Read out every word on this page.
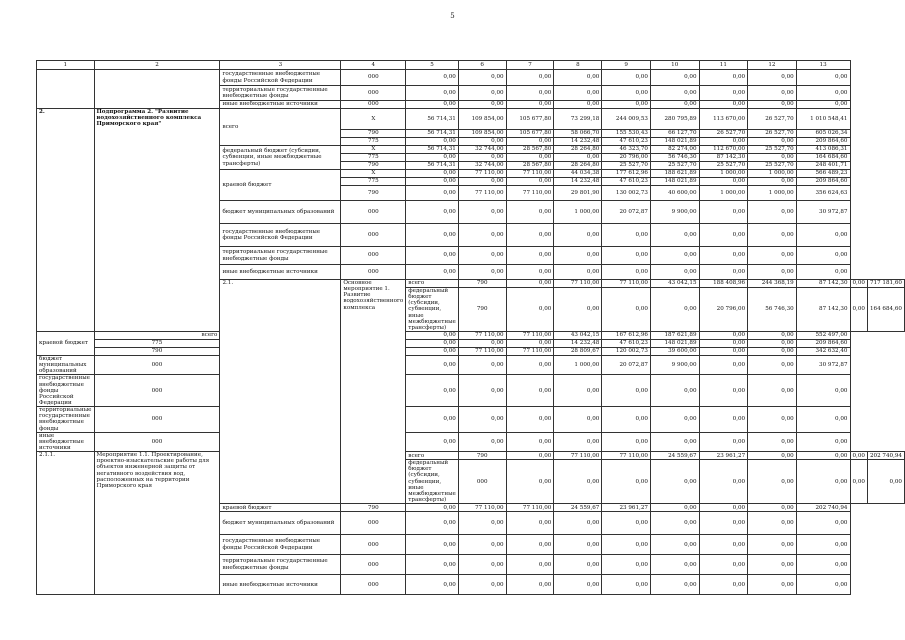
5
1	2	3	4	5	6	7	8	9	10	11	12	13		
		государственные внебюджетные фонды Российской Федерации	000	0,00	0,00	0,00	0,00	0,00	0,00	0,00	0,00	0,00		
		территориальные государственные внебюджетные фонды	000	0,00	0,00	0,00	0,00	0,00	0,00	0,00	0,00	0,00		
		иные внебюджетные источники	000	0,00	0,00	0,00	0,00	0,00	0,00	0,00	0,00	0,00		
2.	Подпрограмма 2. "Развитие водохозяйственного комплекса Приморского края"	всего	X	56 714,31	109 854,00	105 677,80	73 299,18	244 009,53	280 795,89	113 670,00	26 527,70	1 010 548,41		
			790	56 714,31	109 854,00	105 677,80	58 066,70	155 530,43	66 127,70	26 527,70	26 527,70	605 026,34		
			775	0,00	0,00	0,00	14 232,48	47 610,23	148 021,89	0,00	0,00	209 864,60		
		федеральный бюджет (субсидии, субвенции, иные межбюджетные трансферты)	X	56 714,31	32 744,00	28 567,80	28 264,80	46 323,70	82 274,00	112 670,00	25 527,70	413 086,31		
			775	0,00	0,00	0,00	0,00	20 796,00	56 746,30	87 142,30	0,00	164 684,60		
			790	56 714,31	32 744,00	28 567,80	28 264,80	25 527,70	25 527,70	25 527,70	25 527,70	248 401,71		
		краевой бюджет	X	0,00	77 110,00	77 110,00	44 034,38	177 612,96	188 621,89	1 000,00	1 000,00	566 489,23		
			775	0,00	0,00	0,00	14 232,48	47 610,23	148 021,89	0,00	0,00	209 864,60		
			790	0,00	77 110,00	77 110,00	29 801,90	130 002,73	40 600,00	1 000,00	1 000,00	356 624,63		
		бюджет муниципальных образований	000	0,00	0,00	0,00	1 000,00	20 072,87	9 900,00	0,00	0,00	30 972,87		
		государственные внебюджетные фонды Российской Федерации	000	0,00	0,00	0,00	0,00	0,00	0,00	0,00	0,00	0,00		
		территориальные государственные внебюджетные фонды	000	0,00	0,00	0,00	0,00	0,00	0,00	0,00	0,00	0,00		
		иные внебюджетные источники	000	0,00	0,00	0,00	0,00	0,00	0,00	0,00	0,00	0,00		
		2.1.	Основное мероприятие 1. Развитие водохозяйственного комплекса	всего	790	0,00	77 110,00	77 110,00	43 042,15	188 408,96	244 368,19	87 142,30	0,00	717 181,60
				федеральный бюджет (субсидии, субвенции, иные межбюджетные трансферты)	790	0,00	0,00	0,00	0,00	20 796,00	56 746,30	87 142,30	0,00	164 684,60
краевой бюджет	всего			0,00	77 110,00	77 110,00	43 042,15	167 612,96	187 621,89	0,00	0,00	552 497,00		
	775			0,00	0,00	0,00	14 232,48	47 610,23	148 021,89	0,00	0,00	209 864,60		
	790			0,00	77 110,00	77 110,00	28 809,67	120 002,73	39 600,00	0,00	0,00	342 632,40		
бюджет муниципальных образований	000			0,00	0,00	0,00	1 000,00	20 072,87	9 900,00	0,00	0,00	30 972,87		
государственные внебюджетные фонды Российской Федерации	000			0,00	0,00	0,00	0,00	0,00	0,00	0,00	0,00	0,00		
территориальные государственные внебюджетные фонды	000			0,00	0,00	0,00	0,00	0,00	0,00	0,00	0,00	0,00		
иные внебюджетные источники	000			0,00	0,00	0,00	0,00	0,00	0,00	0,00	0,00	0,00		
2.1.1.	Мероприятие 1.1. Проектирование, проектно-изыскательские работы для объектов инженерной защиты от негативного воздействия вод, расположенных на территории Приморского края			всего	790	0,00	77 110,00	77 110,00	24 559,67	23 961,27	0,00	0,00	0,00	202 740,94
				федеральный бюджет (субсидии, субвенции, иные межбюджетные трансферты)	000	0,00	0,00	0,00	0,00	0,00	0,00	0,00	0,00	0,00
		краевой бюджет	790	0,00	77 110,00	77 110,00	24 559,67	23 961,27	0,00	0,00	0,00	202 740,94		
		бюджет муниципальных образований	000	0,00	0,00	0,00	0,00	0,00	0,00	0,00	0,00	0,00		
		государственные внебюджетные фонды Российской Федерации	000	0,00	0,00	0,00	0,00	0,00	0,00	0,00	0,00	0,00		
		территориальные государственные внебюджетные фонды	000	0,00	0,00	0,00	0,00	0,00	0,00	0,00	0,00	0,00		
		иные внебюджетные источники	000	0,00	0,00	0,00	0,00	0,00	0,00	0,00	0,00	0,00		
